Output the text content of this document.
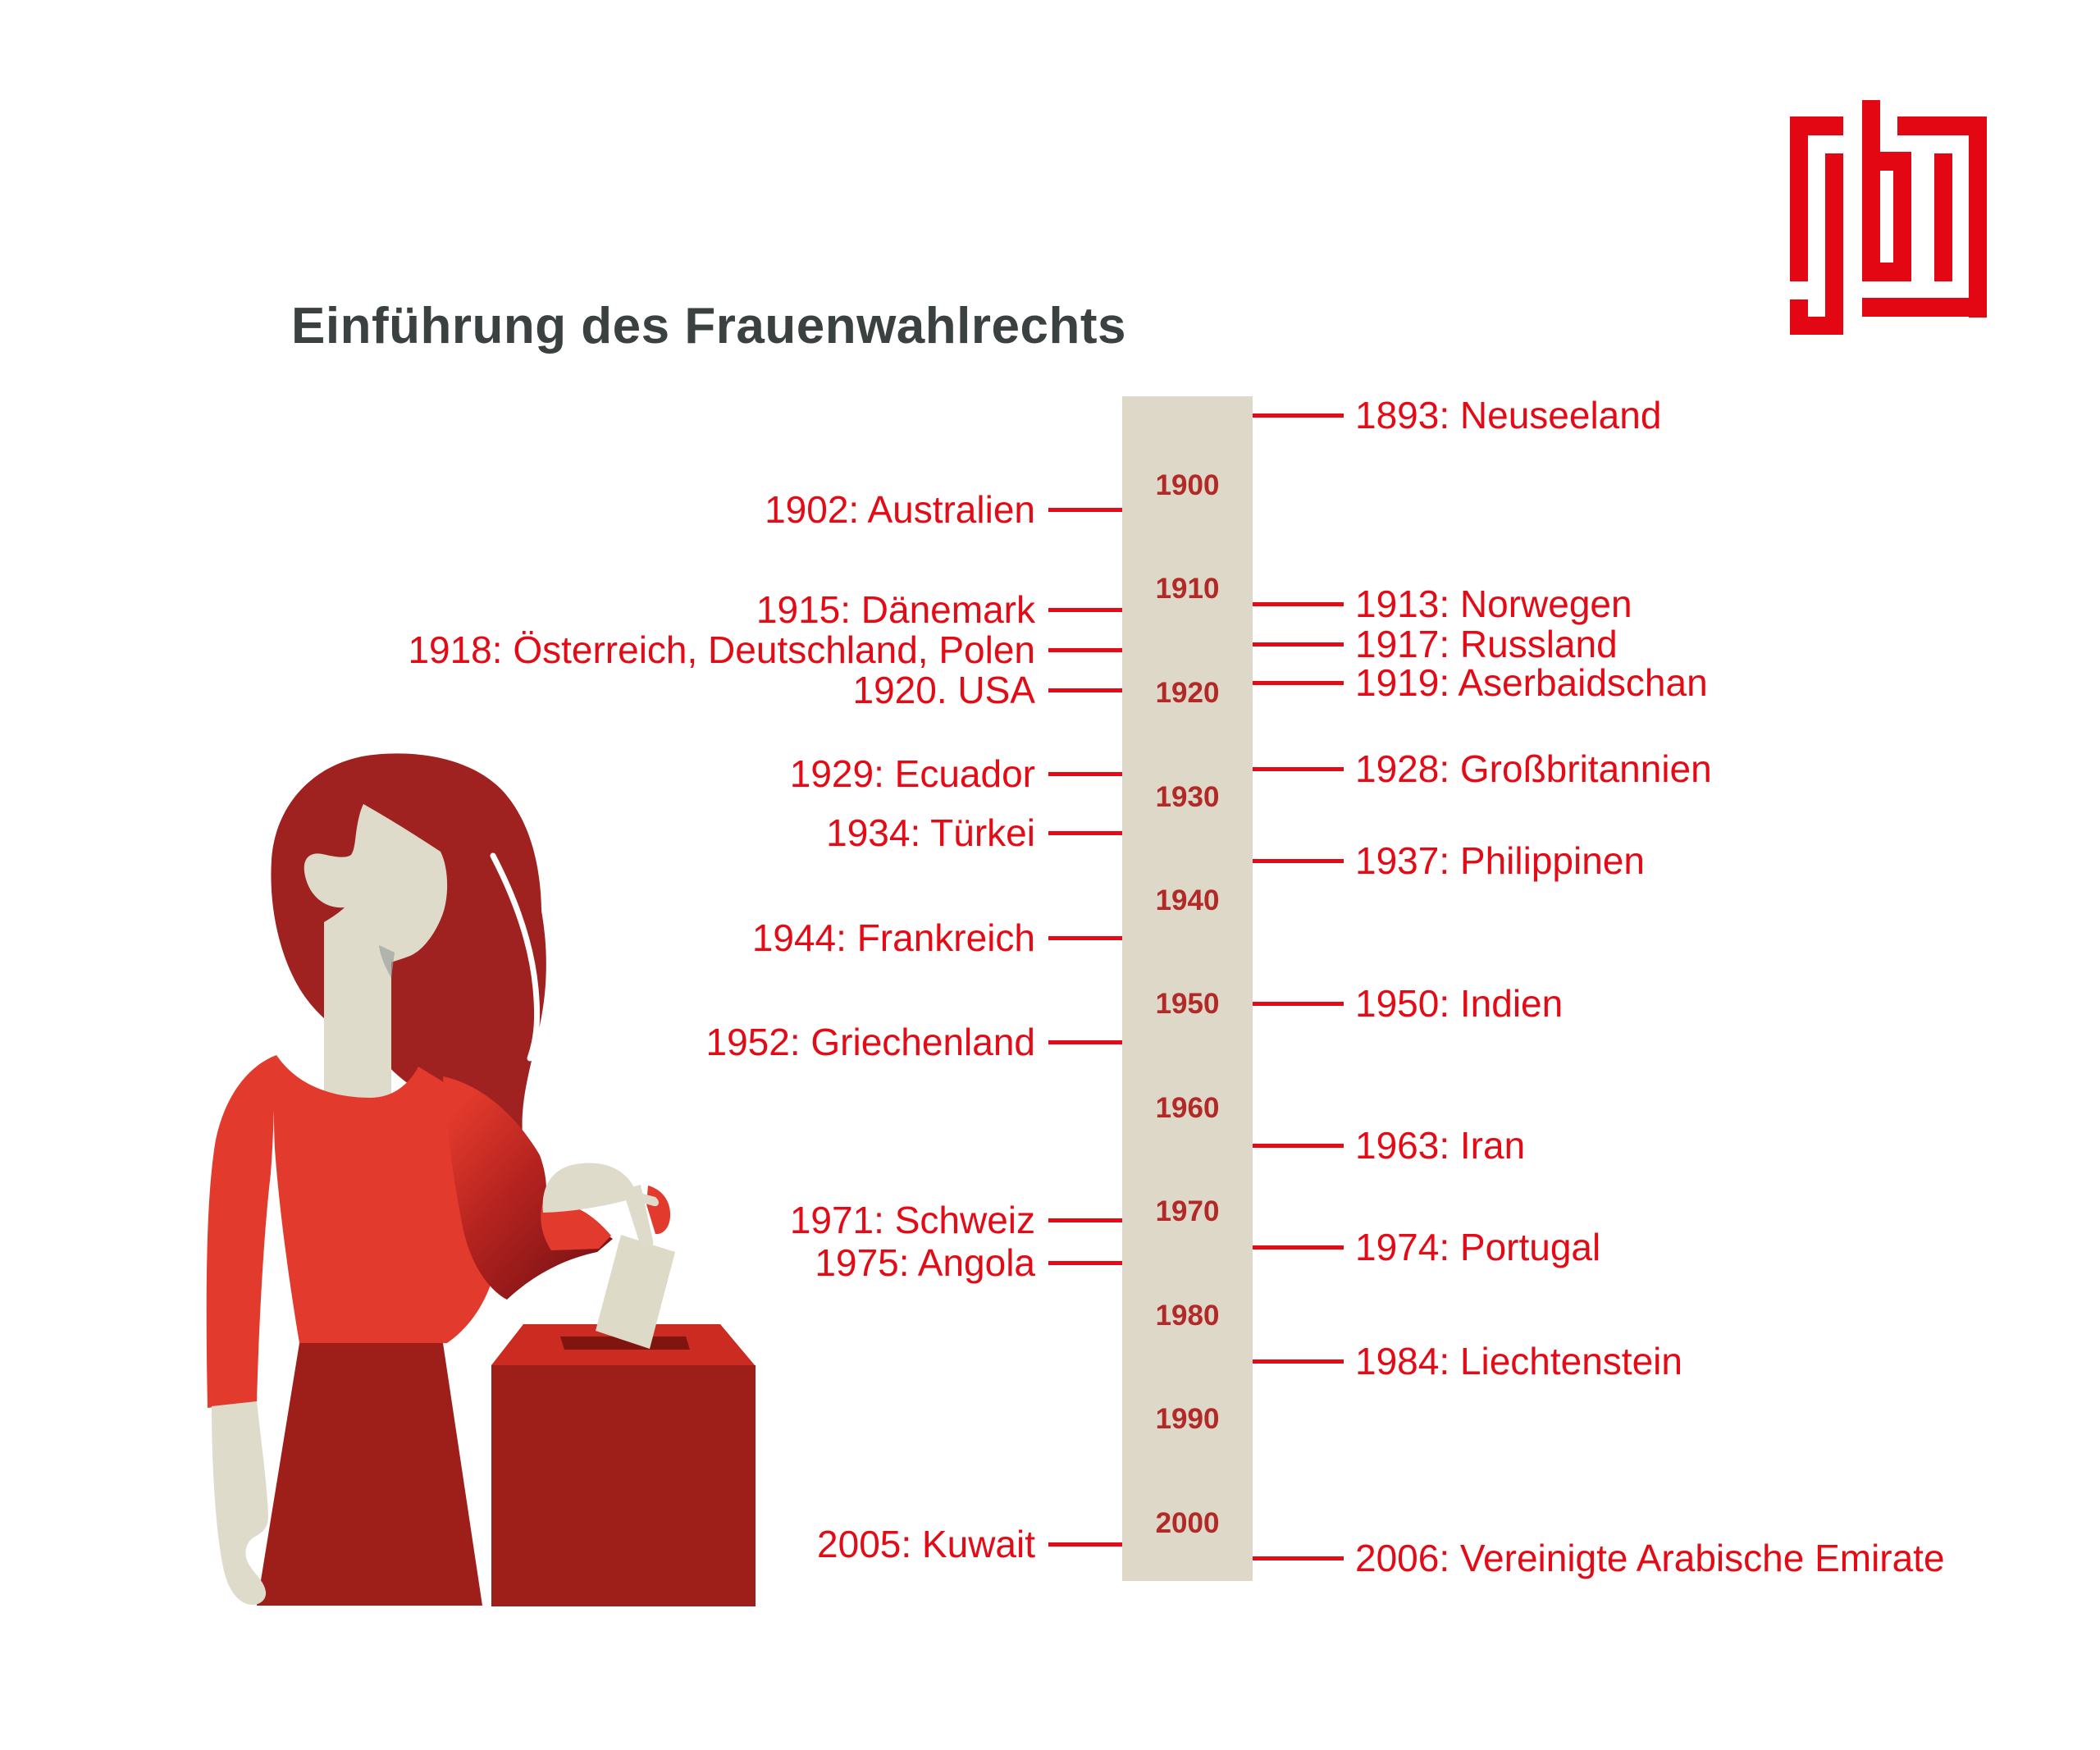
Einführung des Frauenwahlrechts
1900
1910
1920
1930
1940
1950
1960
1970
1980
1990
2000
1902: Australien
1915: Dänemark
1918: Österreich, Deutschland, Polen
1920. USA
1929: Ecuador
1934: Türkei
1944: Frankreich
1952: Griechenland
1971: Schweiz
1975: Angola
2005: Kuwait
1893: Neuseeland
1913: Norwegen
1917: Russland
1919: Aserbaidschan
1928: Großbritannien
1937: Philippinen
1950: Indien
1963: Iran
1974: Portugal
1984: Liechtenstein
2006: Vereinigte Arabische Emirate
